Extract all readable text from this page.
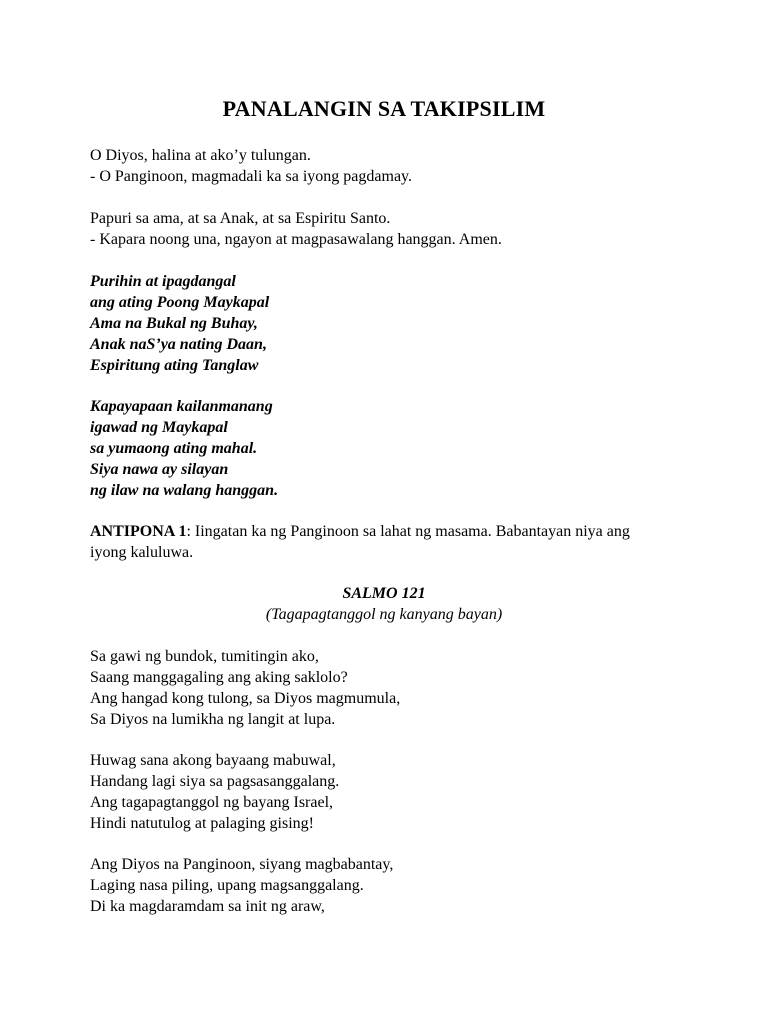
PANALANGIN SA TAKIPSILIM
O Diyos, halina at ako’y tulungan.
- O Panginoon, magmadali ka sa iyong pagdamay.
Papuri sa ama, at sa Anak, at sa Espiritu Santo.
- Kapara noong una, ngayon at magpasawalang hanggan. Amen.
Purihin at ipagdangal
ang ating Poong Maykapal
Ama na Bukal ng Buhay,
Anak naS’ya nating Daan,
Espiritung ating Tanglaw
Kapayapaan kailanmanang
igawad ng Maykapal
sa yumaong ating mahal.
Siya nawa ay silayan
ng ilaw na walang hanggan.
ANTIPONA 1: Iingatan ka ng Panginoon sa lahat ng masama. Babantayan niya ang
iyong kaluluwa.
SALMO 121
(Tagapagtanggol ng kanyang bayan)
Sa gawi ng bundok, tumitingin ako,
Saang manggagaling ang aking saklolo?
Ang hangad kong tulong, sa Diyos magmumula,
Sa Diyos na lumikha ng langit at lupa.
Huwag sana akong bayaang mabuwal,
Handang lagi siya sa pagsasanggalang.
Ang tagapagtanggol ng bayang Israel,
Hindi natutulog at palaging gising!
Ang Diyos na Panginoon, siyang magbabantay,
Laging nasa piling, upang magsanggalang.
Di ka magdaramdam sa init ng araw,
